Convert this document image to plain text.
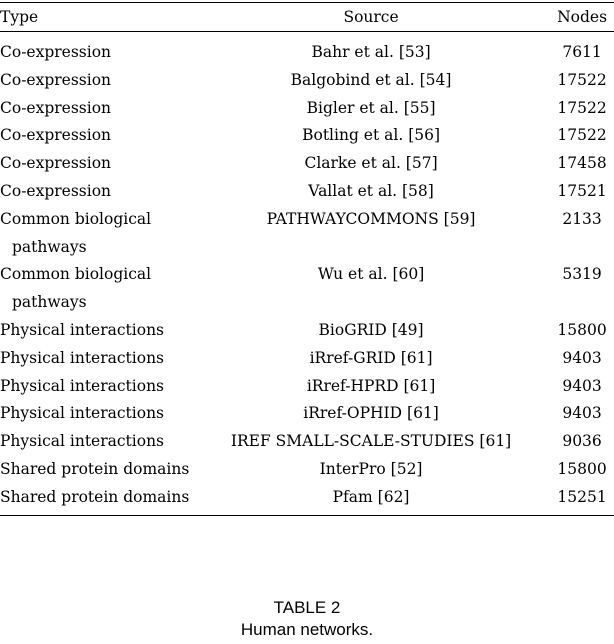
Type	Source	Nodes

Co-expression	Bahr et al. [53]	7611

Co-expression	Balgobind et al. [54]	17522

Co-expression	Bigler et al. [55]	17522

Co-expression	Botling et al. [56]	17522

Co-expression	Clarke et al. [57]	17458

Co-expression	Vallat et al. [58]	17521

Common biological pathways	PATHWAYCOMMONS [59]	2133

Common biological pathways	Wu et al. [60]	5319

Physical interactions	BioGRID [49]	15800

Physical interactions	iRref-GRID [61]	9403

Physical interactions	iRref-HPRD [61]	9403

Physical interactions	iRref-OPHID [61]	9403

Physical interactions	IREF SMALL-SCALE-STUDIES [61]	9036

Shared protein domains	InterPro [52]	15800

Shared protein domains	Pfam [62]	15251
TABLE 2
Human networks.
